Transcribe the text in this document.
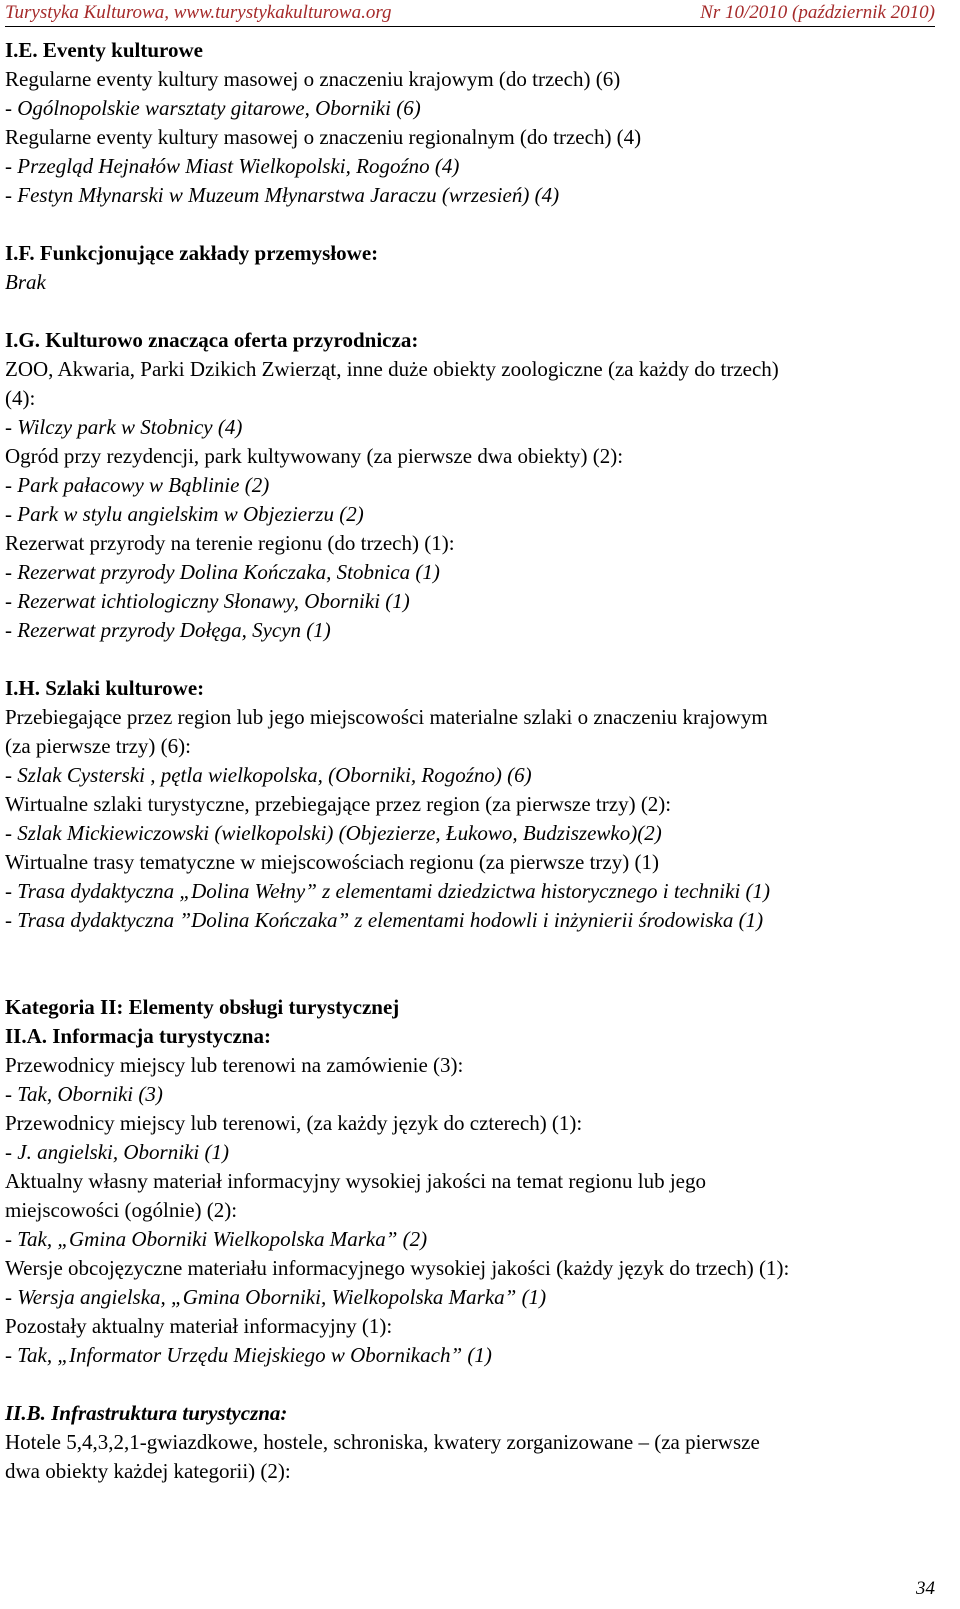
Turystyka Kulturowa, www.turystykakulturowa.org	Nr 10/2010 (październik 2010)
I.E. Eventy kulturowe
Regularne eventy kultury masowej o znaczeniu krajowym (do trzech) (6)
- Ogólnopolskie warsztaty gitarowe, Oborniki (6)
Regularne eventy kultury masowej o znaczeniu regionalnym (do trzech) (4)
- Przegląd Hejnałów Miast Wielkopolski, Rogoźno (4)
- Festyn Młynarski w Muzeum Młynarstwa Jaraczu (wrzesień) (4)
I.F. Funkcjonujące zakłady przemysłowe:
Brak
I.G. Kulturowo znacząca oferta przyrodnicza:
ZOO, Akwaria, Parki Dzikich Zwierząt, inne duże obiekty zoologiczne (za każdy do trzech)
(4):
- Wilczy park w Stobnicy (4)
Ogród przy rezydencji, park kultywowany (za pierwsze dwa obiekty) (2):
- Park pałacowy w Bąblinie (2)
- Park w stylu angielskim w Objezierzu (2)
Rezerwat przyrody na terenie regionu (do trzech) (1):
- Rezerwat przyrody Dolina Kończaka, Stobnica (1)
- Rezerwat ichtiologiczny Słonawy, Oborniki (1)
- Rezerwat przyrody Dołęga, Sycyn (1)
I.H. Szlaki kulturowe:
Przebiegające przez region lub jego miejscowości materialne szlaki o znaczeniu krajowym
(za pierwsze trzy) (6):
- Szlak Cysterski , pętla wielkopolska, (Oborniki, Rogoźno) (6)
Wirtualne szlaki turystyczne, przebiegające przez region (za pierwsze trzy) (2):
- Szlak Mickiewiczowski (wielkopolski) (Objezierze, Łukowo, Budziszewko)(2)
Wirtualne trasy tematyczne w miejscowościach regionu (za pierwsze trzy) (1)
- Trasa dydaktyczna „Dolina Wełny” z elementami dziedzictwa historycznego i techniki (1)
- Trasa dydaktyczna ”Dolina Kończaka” z elementami hodowli i inżynierii środowiska (1)
Kategoria II: Elementy obsługi turystycznej
II.A. Informacja turystyczna:
Przewodnicy miejscy lub terenowi na zamówienie (3):
- Tak, Oborniki (3)
Przewodnicy miejscy lub terenowi, (za każdy język do czterech) (1):
- J. angielski, Oborniki (1)
Aktualny własny materiał informacyjny wysokiej jakości na temat regionu lub jego
miejscowości (ogólnie) (2):
- Tak, „Gmina Oborniki Wielkopolska Marka” (2)
Wersje obcojęzyczne materiału informacyjnego wysokiej jakości (każdy język do trzech) (1):
- Wersja angielska, „Gmina Oborniki, Wielkopolska Marka” (1)
Pozostały aktualny materiał informacyjny (1):
- Tak, „Informator Urzędu Miejskiego w Obornikach” (1)
II.B. Infrastruktura turystyczna:
Hotele 5,4,3,2,1-gwiazdkowe, hostele, schroniska, kwatery zorganizowane – (za pierwsze
dwa obiekty każdej kategorii) (2):
34
